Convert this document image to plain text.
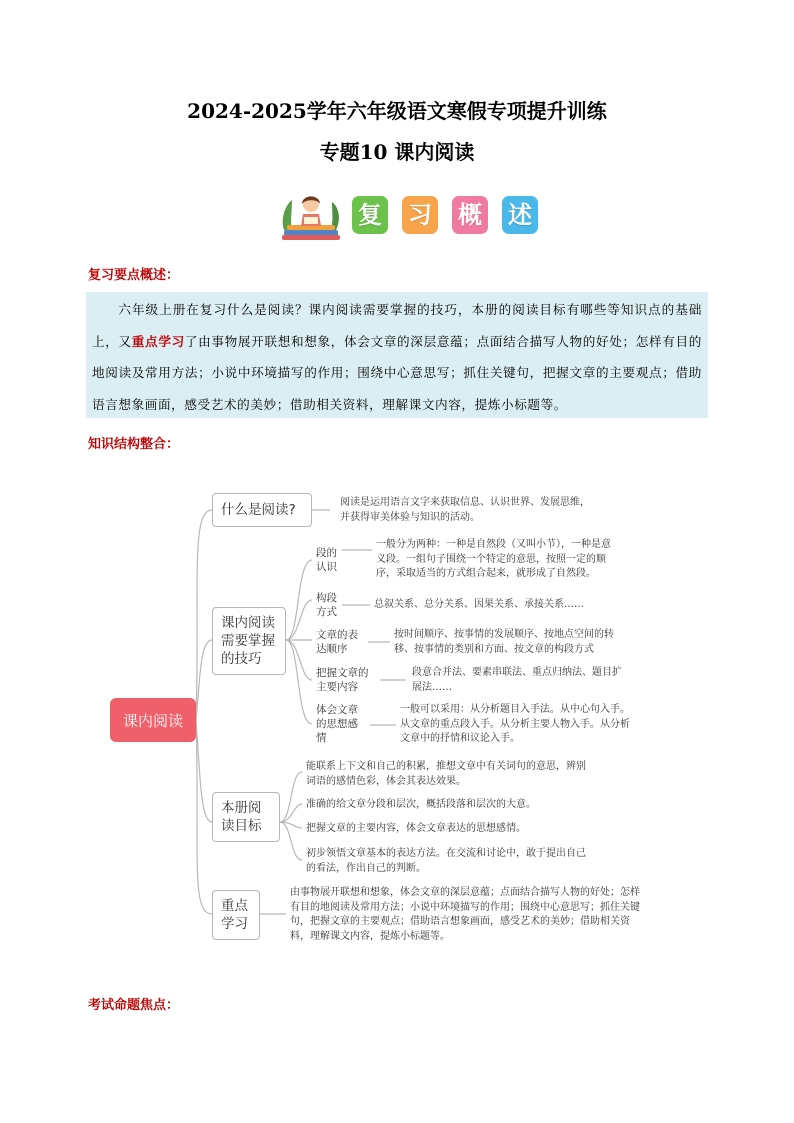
2024-2025学年六年级语文寒假专项提升训练
专题10 课内阅读
复 习 概 述
复习要点概述：
六年级上册在复习什么是阅读？课内阅读需要掌握的技巧，本册的阅读目标有哪些等知识点的基础上，又重点学习了由事物展开联想和想象，体会文章的深层意蕴；点面结合描写人物的好处；怎样有目的地阅读及常用方法；小说中环境描写的作用；围绕中心意思写；抓住关键句，把握文章的主要观点；借助语言想象画面，感受艺术的美妙；借助相关资料，理解课文内容，提炼小标题等。
知识结构整合：
课内阅读
什么是阅读?	阅读是运用语言文字来获取信息、认识世界、发展思维，并获得审美体验与知识的活动。
课内阅读需要掌握的技巧
段的认识
一般分为两种：一种是自然段（又叫小节），一种是意义段。一组句子围绕一个特定的意思，按照一定的顺序，采取适当的方式组合起来，就形成了自然段。
构段方式
总叙关系、总分关系、因果关系、承接关系……
文章的表达顺序
按时间顺序、按事情的发展顺序、按地点空间的转移、按事情的类别和方面、按文章的构段方式
把握文章的主要内容
段意合并法、要素串联法、重点归纳法、题目扩展法……
体会文章的思想感情
一般可以采用：从分析题目入手法。从中心句入手。从文章的重点段入手。从分析主要人物入手。从分析文章中的抒情和议论入手。
本册阅读目标
能联系上下文和自己的积累，推想文章中有关词句的意思，辨别词语的感情色彩，体会其表达效果。
准确的给文章分段和层次，概括段落和层次的大意。
把握文章的主要内容，体会文章表达的思想感情。
初步领悟文章基本的表达方法。在交流和讨论中，敢于提出自己的看法，作出自己的判断。
重点学习
由事物展开联想和想象，体会文章的深层意蕴；点面结合描写人物的好处；怎样有目的地阅读及常用方法；小说中环境描写的作用；围绕中心意思写；抓住关键句，把握文章的主要观点；借助语言想象画面，感受艺术的美妙；借助相关资料，理解课文内容，提炼小标题等。
考试命题焦点：
